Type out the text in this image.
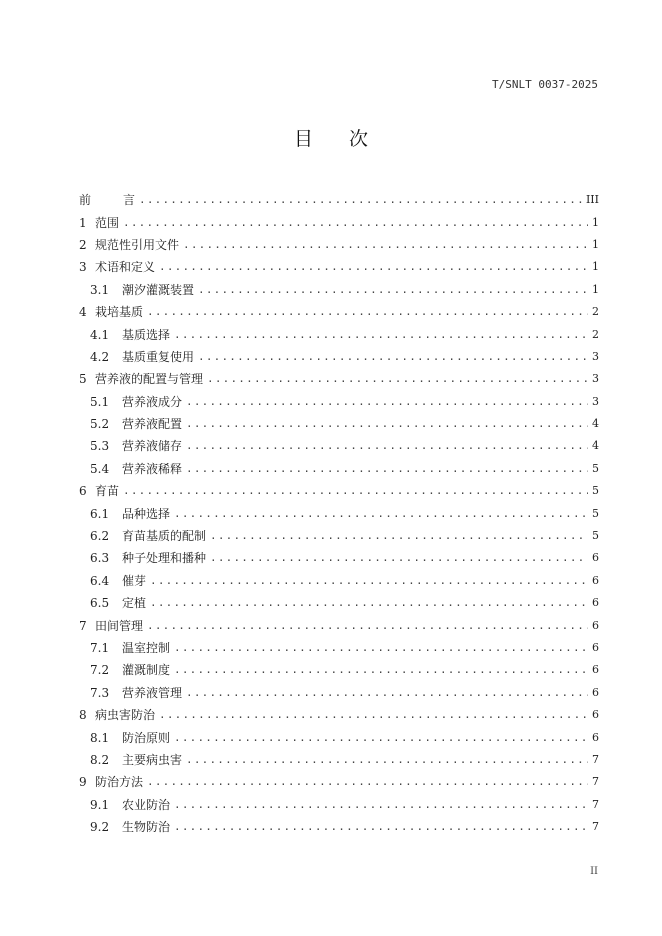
T/SNLT 0037-2025
目 次
前	言 .....	III
1 范围 .....	1
2 规范性引用文件 .....	1
3 术语和定义 .....	1
3.1	潮汐灌溉装置 .....	1
4 栽培基质 .....	2
4.1	基质选择 .....	2
4.2	基质重复使用 .....	3
5 营养液的配置与管理 .....	3
5.1	营养液成分 .....	3
5.2	营养液配置 .....	4
5.3	营养液储存 .....	4
5.4	营养液稀释 .....	5
6 育苗 .....	5
6.1	品种选择 .....	5
6.2	育苗基质的配制 .....	5
6.3	种子处理和播种 .....	6
6.4	催芽 .....	6
6.5	定植 .....	6
7 田间管理 .....	6
7.1	温室控制 .....	6
7.2	灌溉制度 .....	6
7.3	营养液管理 .....	6
8 病虫害防治 .....	6
8.1	防治原则 .....	6
8.2	主要病虫害 .....	7
9 防治方法 .....	7
9.1	农业防治 .....	7
9.2	生物防治 .....	7
II
